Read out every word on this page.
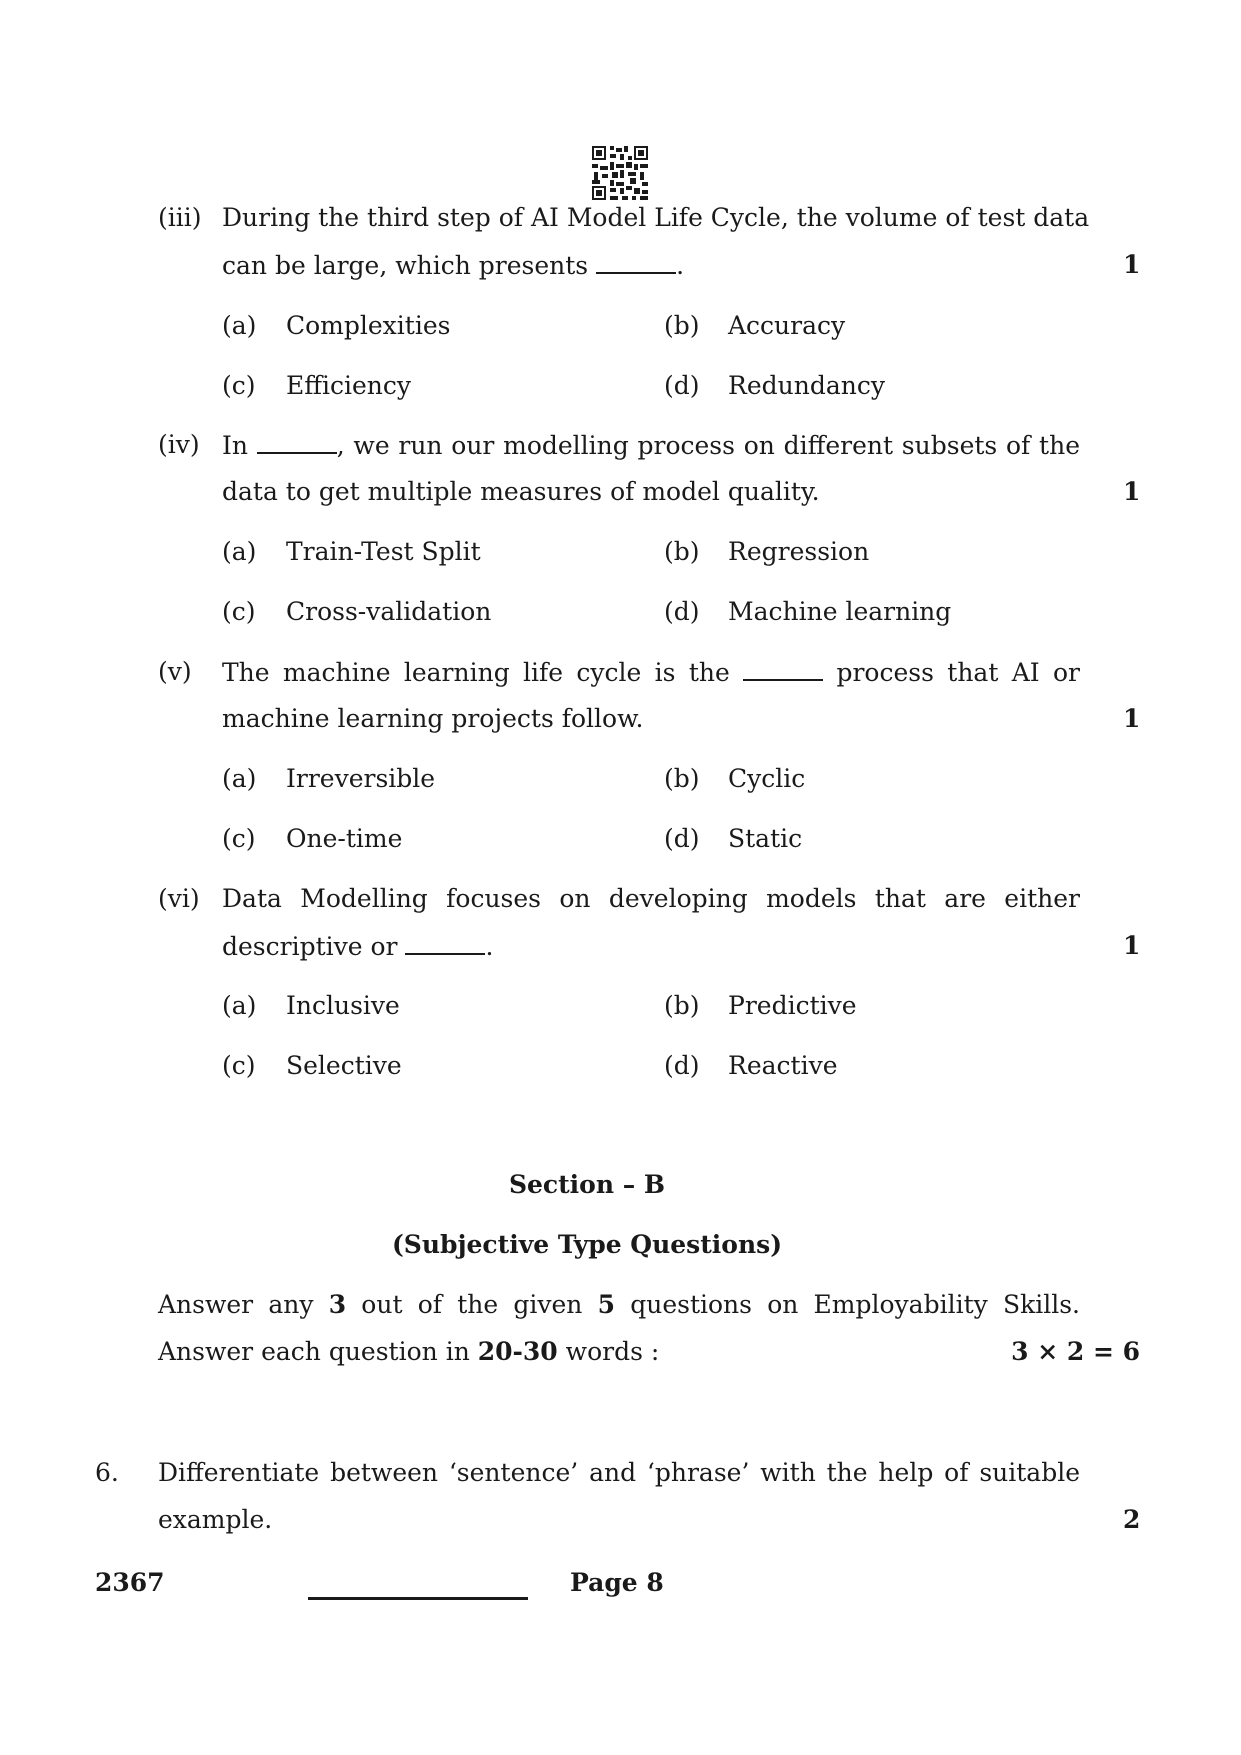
(iii) During the third step of AI Model Life Cycle, the volume of test data
can be large, which presents	.	1
(a) Complexities	(b) Accuracy
(c) Efficiency	(d) Redundancy
(iv) In	, we run our modelling process on different subsets of the
data to get multiple measures of model quality.	1
(a) Train-Test Split	(b) Regression
(c) Cross-validation	(d) Machine learning
(v) The machine learning life cycle is the	process that AI or
machine learning projects follow.	1
(a) Irreversible	(b) Cyclic
(c) One-time	(d) Static
(vi) Data Modelling focuses on developing models that are either
descriptive or	.	1
(a) Inclusive	(b) Predictive
(c) Selective	(d) Reactive
Section – B
(Subjective Type Questions)
Answer any 3 out of the given 5 questions on Employability Skills.
Answer each question in 20-30 words :	3 × 2 = 6
6. Differentiate between ‘sentence’ and ‘phrase’ with the help of suitable
example.	2
2367	Page 8
